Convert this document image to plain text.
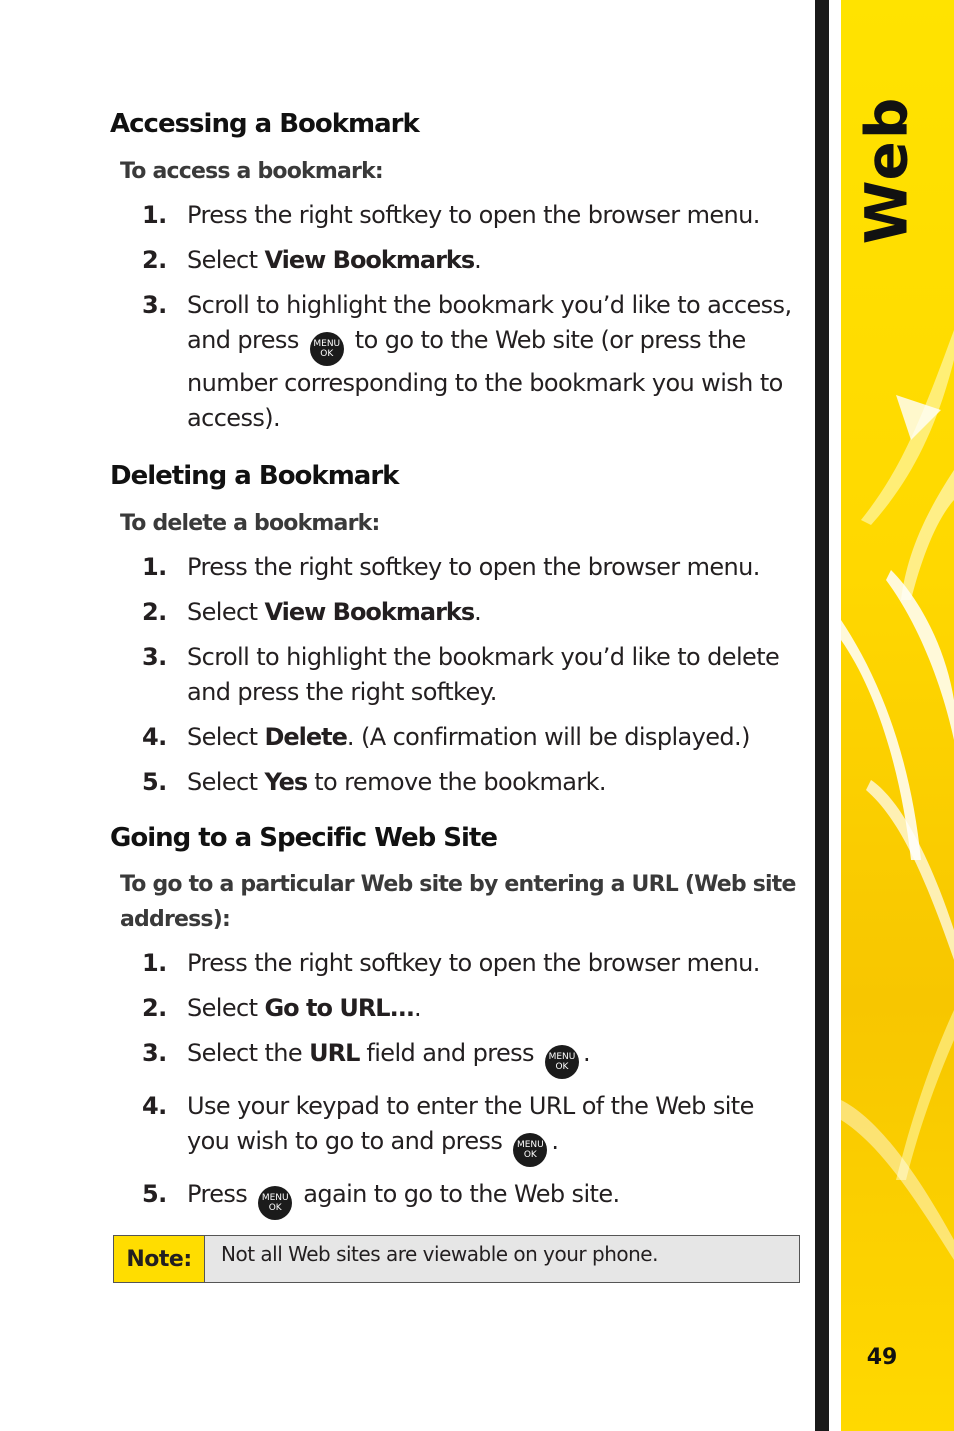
Web
49
Accessing a Bookmark
To access a bookmark:
1. Press the right softkey to open the browser menu.
2. Select View Bookmarks.
3. Scroll to highlight the bookmark you’d like to access, and press MENU
OK to go to the Web site (or press the number corresponding to the bookmark you wish to access).
Deleting a Bookmark
To delete a bookmark:
1. Press the right softkey to open the browser menu.
2. Select View Bookmarks.
3. Scroll to highlight the bookmark you’d like to delete and press the right softkey.
4. Select Delete. (A confirmation will be displayed.)
5. Select Yes to remove the bookmark.
Going to a Specific Web Site
To go to a particular Web site by entering a URL (Web site address):
1. Press the right softkey to open the browser menu.
2. Select Go to URL....
3. Select the URL field and press MENU
OK .
4. Use your keypad to enter the URL of the Web site you wish to go to and press MENU
OK .
5. Press MENU
OK again to go to the Web site.
Note:	Not all Web sites are viewable on your phone.
